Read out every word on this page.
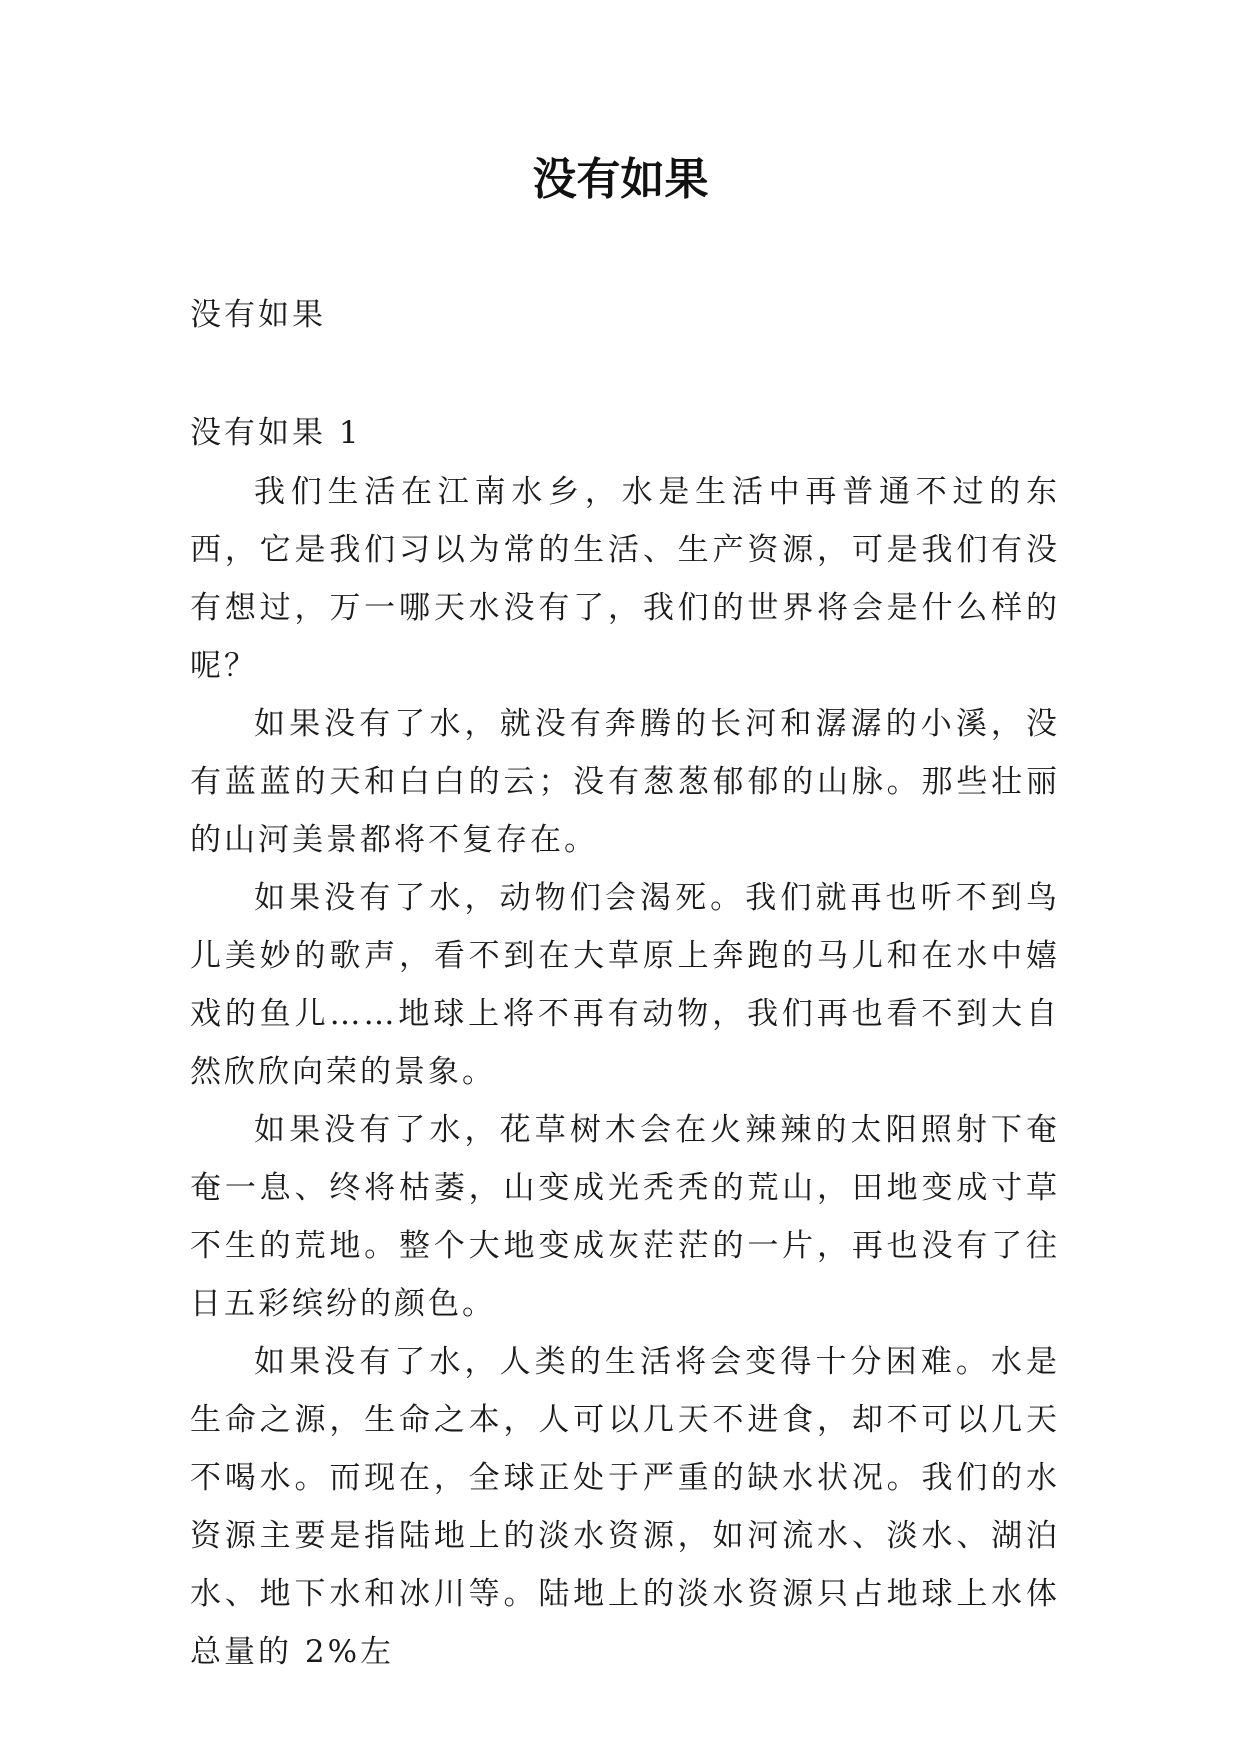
没有如果
没有如果
没有如果 1

我们生活在江南水乡，水是生活中再普通不过的东西，它是我们习以为常的生活、生产资源，可是我们有没有想过，万一哪天水没有了，我们的世界将会是什么样的呢？

如果没有了水，就没有奔腾的长河和潺潺的小溪，没有蓝蓝的天和白白的云；没有葱葱郁郁的山脉。那些壮丽的山河美景都将不复存在。

如果没有了水，动物们会渴死。我们就再也听不到鸟儿美妙的歌声，看不到在大草原上奔跑的马儿和在水中嬉戏的鱼儿……地球上将不再有动物，我们再也看不到大自然欣欣向荣的景象。

如果没有了水，花草树木会在火辣辣的太阳照射下奄奄一息、终将枯萎，山变成光秃秃的荒山，田地变成寸草不生的荒地。整个大地变成灰茫茫的一片，再也没有了往日五彩缤纷的颜色。

如果没有了水，人类的生活将会变得十分困难。水是生命之源，生命之本，人可以几天不进食，却不可以几天不喝水。而现在，全球正处于严重的缺水状况。我们的水资源主要是指陆地上的淡水资源，如河流水、淡水、湖泊水、地下水和冰川等。陆地上的淡水资源只占地球上水体总量的 2%左
